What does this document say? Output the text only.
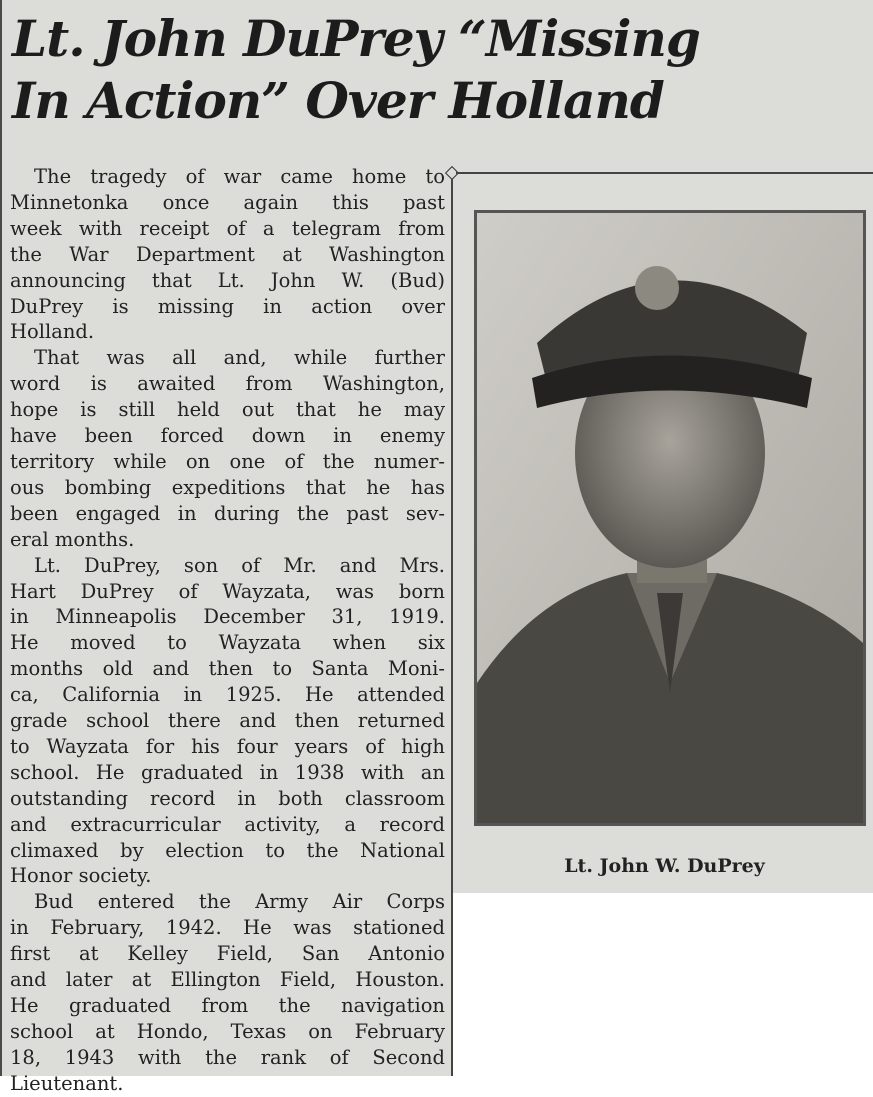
Lt. John DuPrey “Missing
In Action” Over Holland

The tragedy of war came home to
Minnetonka once again this past
week with receipt of a telegram from
the War Department at Washington
announcing that Lt. John W. (Bud)
DuPrey is missing in action over
Holland.

That was all and, while further
word is awaited from Washington,
hope is still held out that he may
have been forced down in enemy
territory while on one of the numer-
ous bombing expeditions that he has
been engaged in during the past sev-
eral months.

Lt. DuPrey, son of Mr. and Mrs.
Hart DuPrey of Wayzata, was born
in Minneapolis December 31, 1919.
He moved to Wayzata when six
months old and then to Santa Moni-
ca, California in 1925. He attended
grade school there and then returned
to Wayzata for his four years of high
school. He graduated in 1938 with an
outstanding record in both classroom
and extracurricular activity, a record
climaxed by election to the National
Honor society.

Bud entered the Army Air Corps
in February, 1942. He was stationed
first at Kelley Field, San Antonio
and later at Ellington Field, Houston.
He graduated from the navigation
school at Hondo, Texas on February
18, 1943 with the rank of Second
Lieutenant.

Lt. John W. DuPrey
